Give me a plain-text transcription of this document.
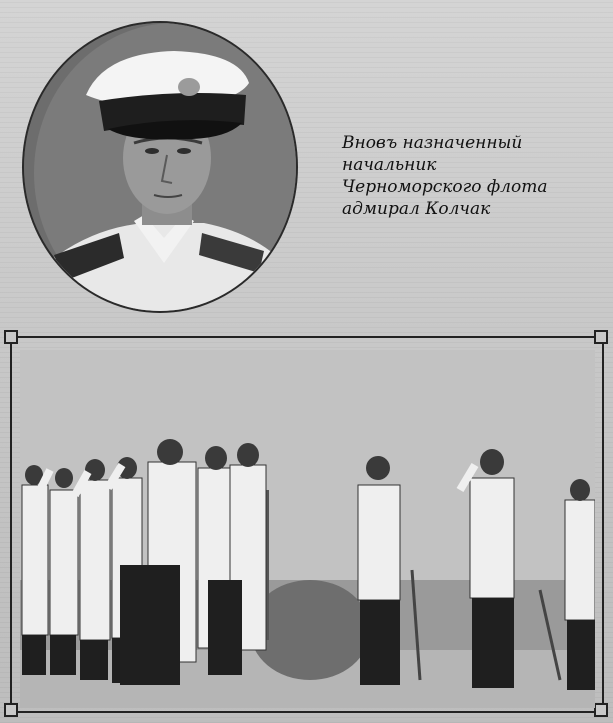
Вновъ назначенный
начальник
Черноморского флота
адмирал Колчак
